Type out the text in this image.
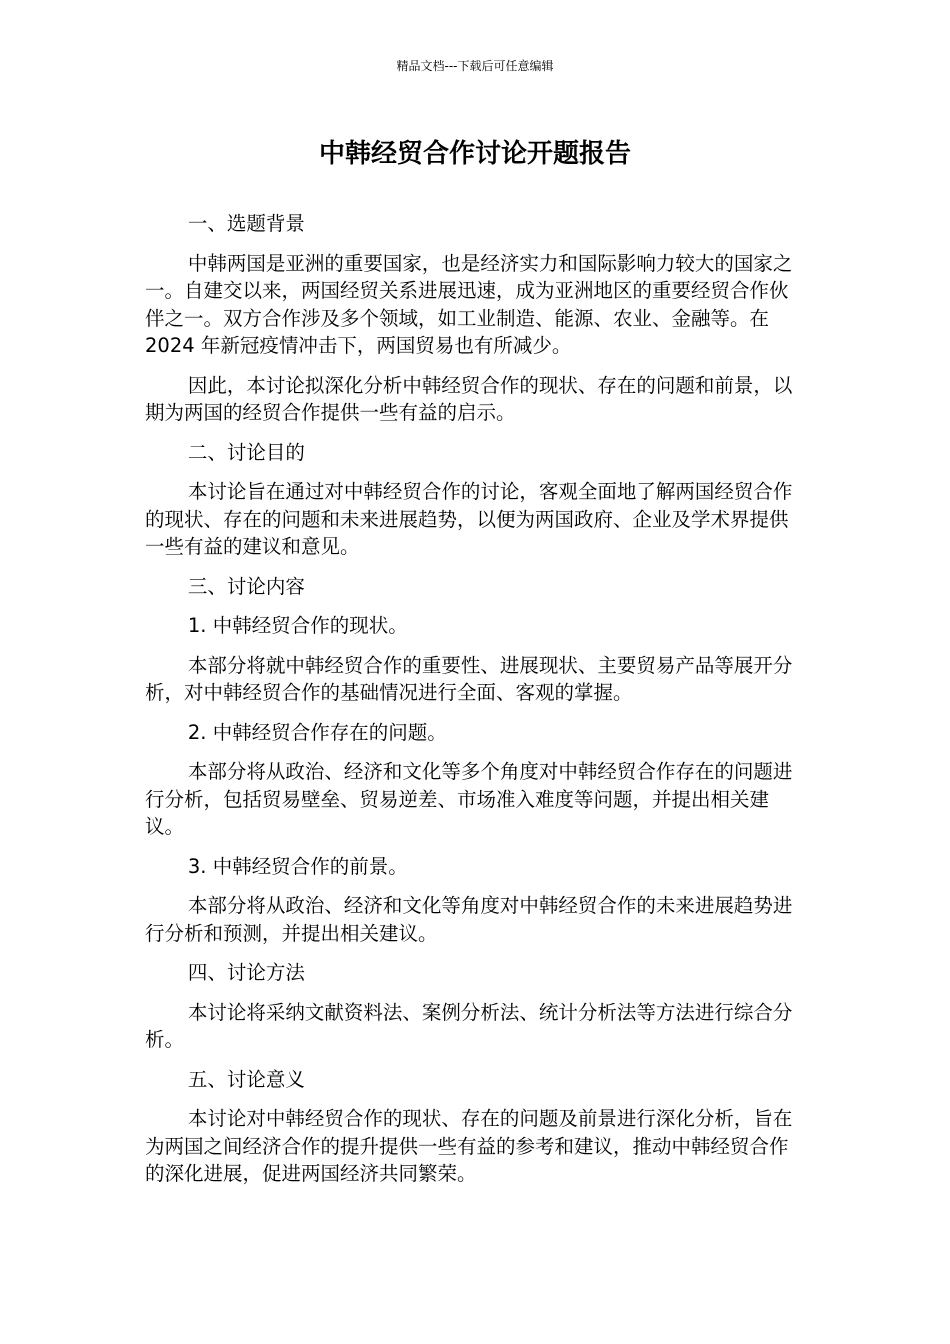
精品文档---下载后可任意编辑
中韩经贸合作讨论开题报告

一、选题背景

中韩两国是亚洲的重要国家，也是经济实力和国际影响力较大的国家之一。自建交以来，两国经贸关系进展迅速，成为亚洲地区的重要经贸合作伙伴之一。双方合作涉及多个领域，如工业制造、能源、农业、金融等。在 2024 年新冠疫情冲击下，两国贸易也有所减少。

因此，本讨论拟深化分析中韩经贸合作的现状、存在的问题和前景，以期为两国的经贸合作提供一些有益的启示。

二、讨论目的

本讨论旨在通过对中韩经贸合作的讨论，客观全面地了解两国经贸合作的现状、存在的问题和未来进展趋势，以便为两国政府、企业及学术界提供一些有益的建议和意见。

三、讨论内容

1. 中韩经贸合作的现状。

本部分将就中韩经贸合作的重要性、进展现状、主要贸易产品等展开分析，对中韩经贸合作的基础情况进行全面、客观的掌握。

2. 中韩经贸合作存在的问题。

本部分将从政治、经济和文化等多个角度对中韩经贸合作存在的问题进行分析，包括贸易壁垒、贸易逆差、市场准入难度等问题，并提出相关建议。

3. 中韩经贸合作的前景。

本部分将从政治、经济和文化等角度对中韩经贸合作的未来进展趋势进行分析和预测，并提出相关建议。

四、讨论方法

本讨论将采纳文献资料法、案例分析法、统计分析法等方法进行综合分析。

五、讨论意义

本讨论对中韩经贸合作的现状、存在的问题及前景进行深化分析，旨在为两国之间经济合作的提升提供一些有益的参考和建议，推动中韩经贸合作的深化进展，促进两国经济共同繁荣。
